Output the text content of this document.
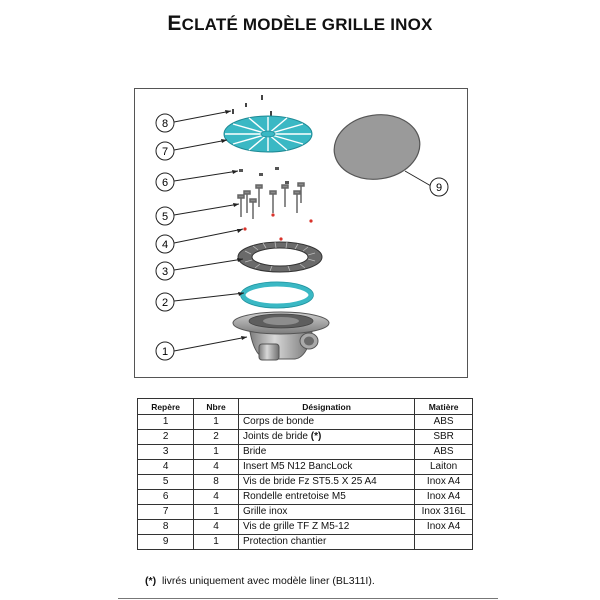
ECLATÉ MODÈLE GRILLE INOX
8
7
6
5
4
3
2
1
9
Repère	Nbre	Désignation	Matière
1	1	Corps de bonde	ABS
2	2	Joints de bride (*)	SBR
3	1	Bride	ABS
4	4	Insert M5 N12 BancLock	Laiton
5	8	Vis de bride Fz ST5.5 X 25 A4	Inox A4
6	4	Rondelle entretoise M5	Inox A4
7	1	Grille inox	Inox 316L
8	4	Vis de grille TF Z M5-12	Inox A4
9	1	Protection chantier	
(*) livrés uniquement avec modèle liner (BL311I).
